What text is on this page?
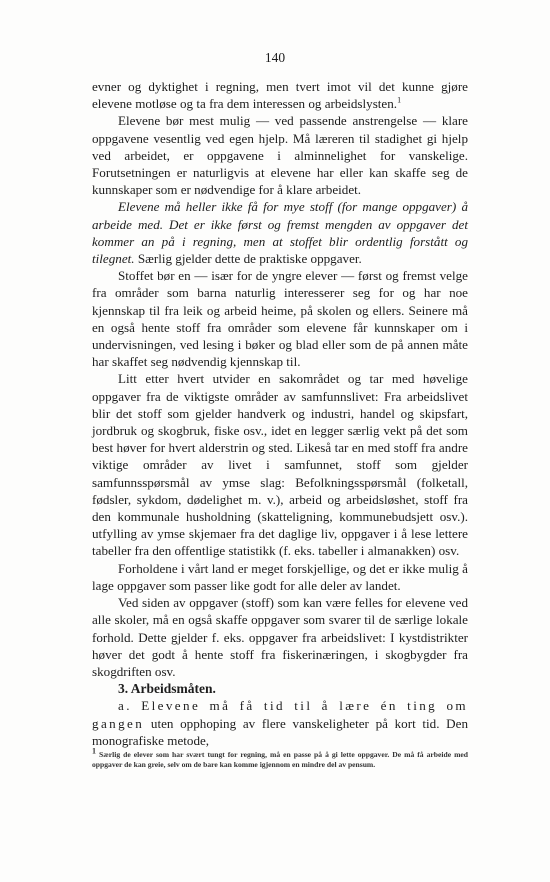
140

evner og dyktighet i regning, men tvert imot vil det kunne gjøre elevene motløse og ta fra dem interessen og arbeidslysten.$^1$

Elevene bør mest mulig — ved passende anstrengelse — klare oppgavene vesentlig ved egen hjelp. Må læreren til stadighet gi hjelp ved arbeidet, er oppgavene i alminnelighet for vanskelige. Forutsetningen er naturligvis at elevene har eller kan skaffe seg de kunnskaper som er nødvendige for å klare arbeidet.

Elevene må heller ikke få for mye stoff (for mange oppgaver) å arbeide med. Det er ikke først og fremst mengden av oppgaver det kommer an på i regning, men at stoffet blir ordentlig forstått og tilegnet. Særlig gjelder dette de praktiske oppgaver.

Stoffet bør en — især for de yngre elever — først og fremst velge fra områder som barna naturlig interesserer seg for og har noe kjennskap til fra leik og arbeid heime, på skolen og ellers. Seinere må en også hente stoff fra områder som elevene får kunnskaper om i undervisningen, ved lesing i bøker og blad eller som de på annen måte har skaffet seg nødvendig kjennskap til.

Litt etter hvert utvider en sakområdet og tar med høvelige oppgaver fra de viktigste områder av samfunnslivet: Fra arbeidslivet blir det stoff som gjelder handverk og industri, handel og skipsfart, jordbruk og skogbruk, fiske osv., idet en legger særlig vekt på det som best høver for hvert alderstrin og sted. Likeså tar en med stoff fra andre viktige områder av livet i samfunnet, stoff som gjelder samfunnsspørsmål av ymse slag: Befolkningsspørsmål (folketall, fødsler, sykdom, dødelighet m. v.), arbeid og arbeidsløshet, stoff fra den kommunale husholdning (skatteligning, kommunebudsjett osv.). utfylling av ymse skjemaer fra det daglige liv, oppgaver i å lese lettere tabeller fra den offentlige statistikk (f. eks. tabeller i almanakken) osv.

Forholdene i vårt land er meget forskjellige, og det er ikke mulig å lage oppgaver som passer like godt for alle deler av landet.

Ved siden av oppgaver (stoff) som kan være felles for elevene ved alle skoler, må en også skaffe oppgaver som svarer til de særlige lokale forhold. Dette gjelder f. eks. oppgaver fra arbeidslivet: I kystdistrikter høver det godt å hente stoff fra fiskerinæringen, i skogbygder fra skogdriften osv.

3. Arbeidsmåten.

a. Elevene må få tid til å lære én ting om gangen uten opphoping av flere vanskeligheter på kort tid. Den monografiske metode,

$^1$ Særlig de elever som har svært tungt for regning, må en passe på å gi lette oppgaver. De må få arbeide med oppgaver de kan greie, selv om de bare kan komme igjennom en mindre del av pensum.
